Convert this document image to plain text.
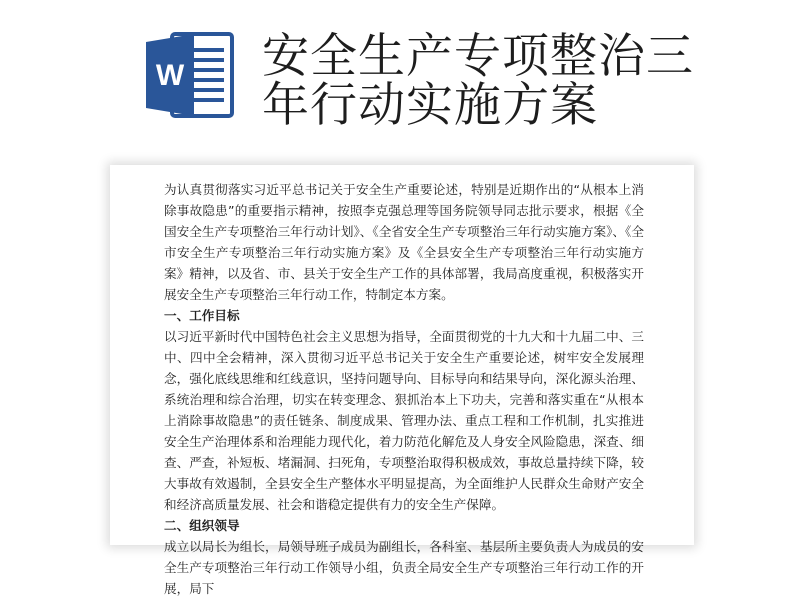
W 安全生产专项整治三
年行动实施方案

为认真贯彻落实习近平总书记关于安全生产重要论述，特别是近期作出的“从根本上消除事故隐患”的重要指示精神，按照李克强总理等国务院领导同志批示要求，根据《全国安全生产专项整治三年行动计划》、《全省安全生产专项整治三年行动实施方案》、《全市安全生产专项整治三年行动实施方案》及《全县安全生产专项整治三年行动实施方案》精神，以及省、市、县关于安全生产工作的具体部署，我局高度重视，积极落实开展安全生产专项整治三年行动工作，特制定本方案。

一、工作目标

以习近平新时代中国特色社会主义思想为指导，全面贯彻党的十九大和十九届二中、三中、四中全会精神，深入贯彻习近平总书记关于安全生产重要论述，树牢安全发展理念，强化底线思维和红线意识，坚持问题导向、目标导向和结果导向，深化源头治理、系统治理和综合治理，切实在转变理念、狠抓治本上下功夫，完善和落实重在“从根本上消除事故隐患”的责任链条、制度成果、管理办法、重点工程和工作机制，扎实推进安全生产治理体系和治理能力现代化，着力防范化解危及人身安全风险隐患，深查、细查、严查，补短板、堵漏洞、扫死角，专项整治取得积极成效，事故总量持续下降，较大事故有效遏制，全县安全生产整体水平明显提高，为全面维护人民群众生命财产安全和经济高质量发展、社会和谐稳定提供有力的安全生产保障。

二、组织领导

成立以局长为组长，局领导班子成员为副组长，各科室、基层所主要负责人为成员的安全生产专项整治三年行动工作领导小组，负责全局安全生产专项整治三年行动工作的开展，局下
